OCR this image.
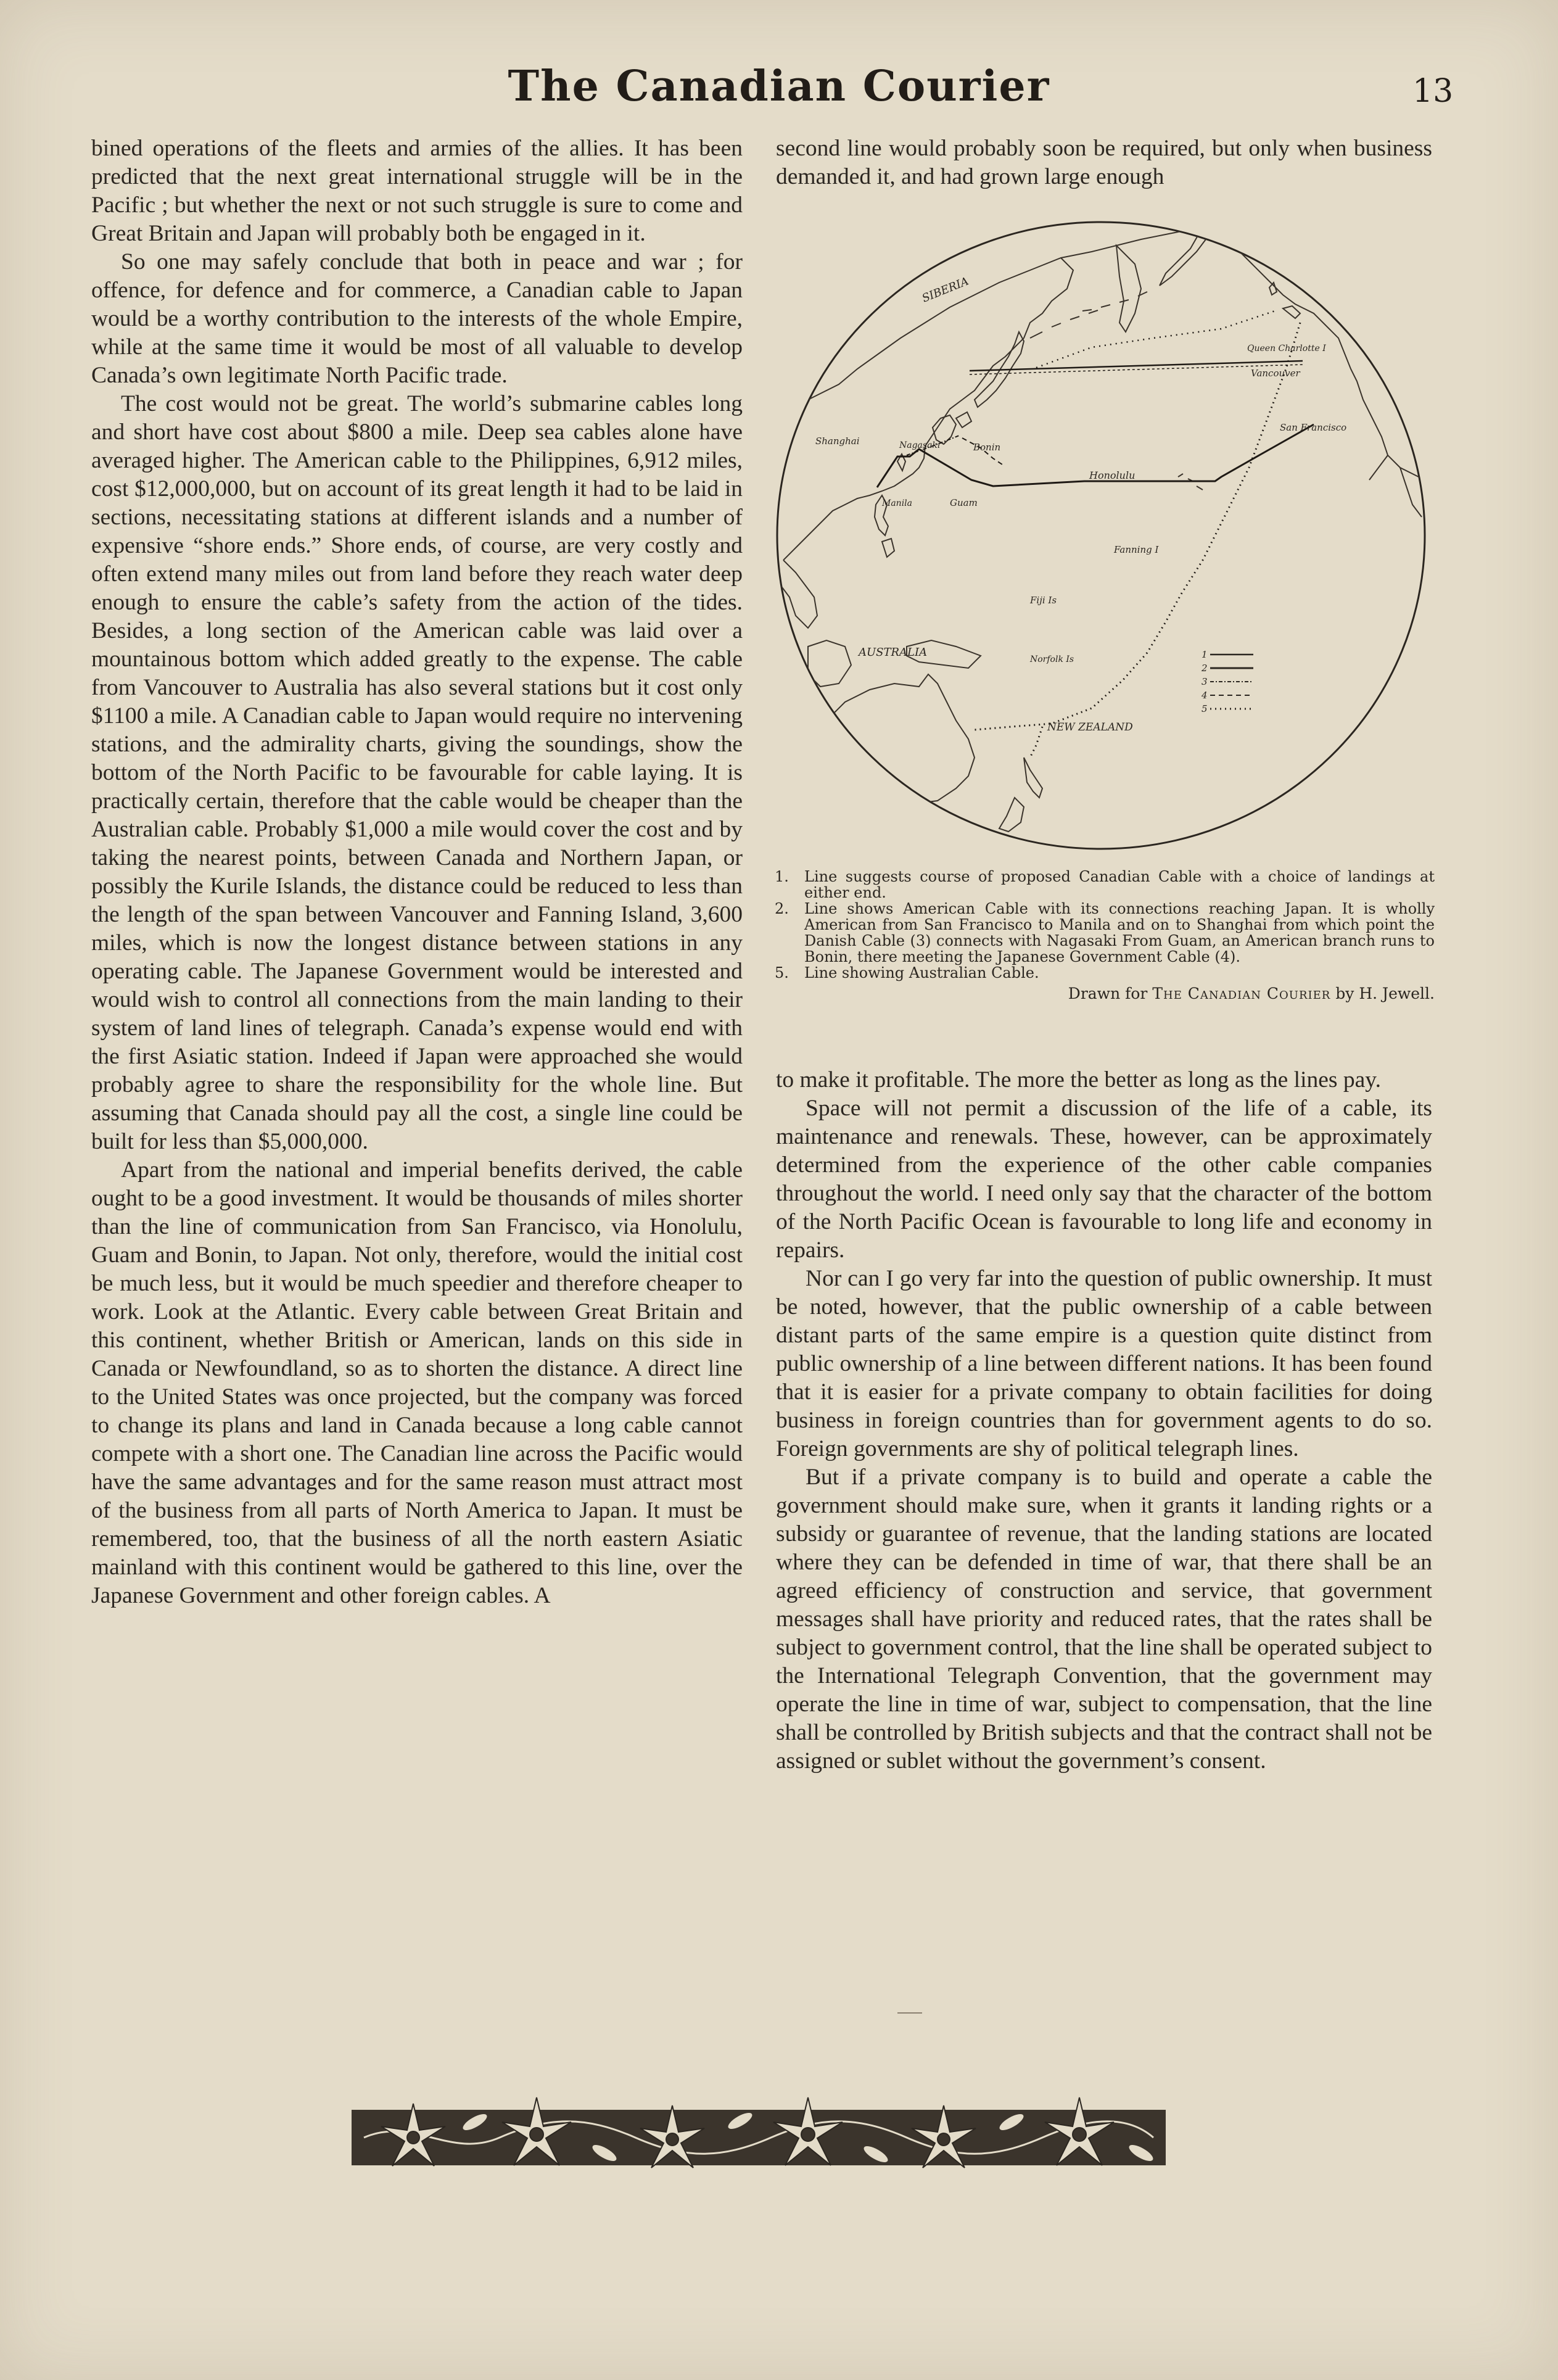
The Canadian Courier	13

bined operations of the fleets and armies of the allies. It has been predicted that the next great international struggle will be in the Pacific ; but whether the next or not such struggle is sure to come and Great Britain and Japan will probably both be engaged in it.

So one may safely conclude that both in peace and war ; for offence, for defence and for commerce, a Canadian cable to Japan would be a worthy contribution to the interests of the whole Empire, while at the same time it would be most of all valuable to develop Canada’s own legitimate North Pacific trade.

The cost would not be great. The world’s submarine cables long and short have cost about $800 a mile. Deep sea cables alone have averaged higher. The American cable to the Philippines, 6,912 miles, cost $12,000,000, but on account of its great length it had to be laid in sections, necessitating stations at different islands and a number of expensive “shore ends.” Shore ends, of course, are very costly and often extend many miles out from land before they reach water deep enough to ensure the cable’s safety from the action of the tides. Besides, a long section of the American cable was laid over a mountainous bottom which added greatly to the expense. The cable from Vancouver to Australia has also several stations but it cost only $1100 a mile. A Canadian cable to Japan would require no intervening stations, and the admirality charts, giving the soundings, show the bottom of the North Pacific to be favourable for cable laying. It is practically certain, therefore that the cable would be cheaper than the Australian cable. Probably $1,000 a mile would cover the cost and by taking the nearest points, between Canada and Northern Japan, or possibly the Kurile Islands, the distance could be reduced to less than the length of the span between Vancouver and Fanning Island, 3,600 miles, which is now the longest distance between stations in any operating cable. The Japanese Government would be interested and would wish to control all connections from the main landing to their system of land lines of telegraph. Canada’s expense would end with the first Asiatic station. Indeed if Japan were approached she would probably agree to share the responsibility for the whole line. But assuming that Canada should pay all the cost, a single line could be built for less than $5,000,000.

Apart from the national and imperial benefits derived, the cable ought to be a good investment. It would be thousands of miles shorter than the line of communication from San Francisco, via Honolulu, Guam and Bonin, to Japan. Not only, therefore, would the initial cost be much less, but it would be much speedier and therefore cheaper to work. Look at the Atlantic. Every cable between Great Britain and this continent, whether British or American, lands on this side in Canada or Newfoundland, so as to shorten the distance. A direct line to the United States was once projected, but the company was forced to change its plans and land in Canada because a long cable cannot compete with a short one. The Canadian line across the Pacific would have the same advantages and for the same reason must attract most of the business from all parts of North America to Japan. It must be remembered, too, that the business of all the north eastern Asiatic mainland with this continent would be gathered to this line, over the Japanese Government and other foreign cables. A

second line would probably soon be required, but only when business demanded it, and had grown large enough

SIBERIA
Queen Charlotte I
Vancouver
San Francisco
Shanghai	Nagasaki	Bonin
Honolulu
Manila	Guam
Fanning I
Fiji Is
AUSTRALIA
Norfolk Is
NEW ZEALAND
1
2
3
4
5
1.	Line suggests course of proposed Canadian Cable with a choice of landings at either end.
2.	Line shows American Cable with its connections reaching Japan. It is wholly American from San Francisco to Manila and on to Shanghai from which point the Danish Cable (3) connects with Nagasaki From Guam, an American branch runs to Bonin, there meeting the Japanese Government Cable (4).
5.	Line showing Australian Cable.
Drawn for The Canadian Courier by H. Jewell.

to make it profitable. The more the better as long as the lines pay.

Space will not permit a discussion of the life of a cable, its maintenance and renewals. These, however, can be approximately determined from the experience of the other cable companies throughout the world. I need only say that the character of the bottom of the North Pacific Ocean is favourable to long life and economy in repairs.

Nor can I go very far into the question of public ownership. It must be noted, however, that the public ownership of a cable between distant parts of the same empire is a question quite distinct from public ownership of a line between different nations. It has been found that it is easier for a private company to obtain facilities for doing business in foreign countries than for government agents to do so. Foreign governments are shy of political telegraph lines.

But if a private company is to build and operate a cable the government should make sure, when it grants it landing rights or a subsidy or guarantee of revenue, that the landing stations are located where they can be defended in time of war, that there shall be an agreed efficiency of construction and service, that government messages shall have priority and reduced rates, that the rates shall be subject to government control, that the line shall be operated subject to the International Telegraph Convention, that the government may operate the line in time of war, subject to compensation, that the line shall be controlled by British subjects and that the contract shall not be assigned or sublet without the government’s consent.
